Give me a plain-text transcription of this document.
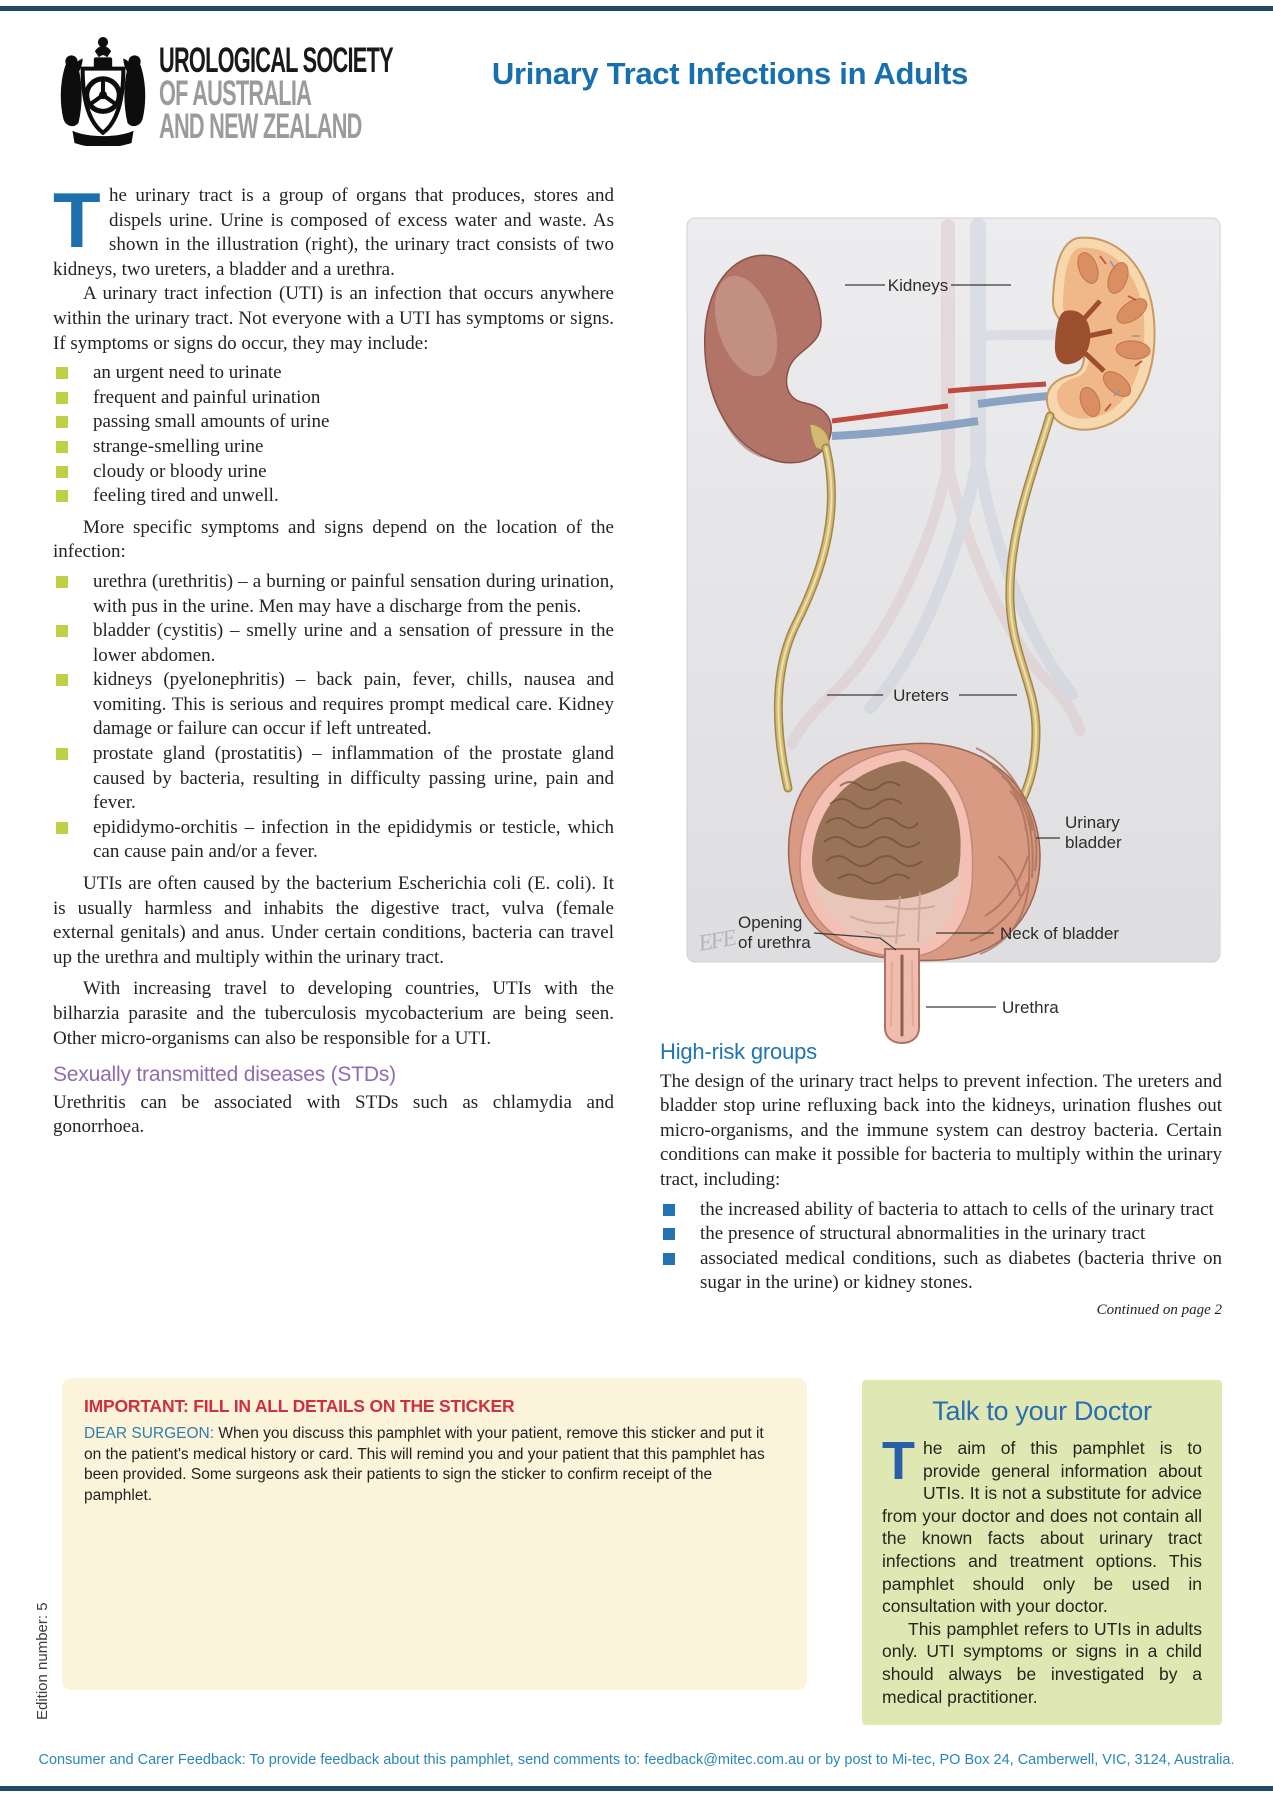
UROLOGICAL SOCIETY
OF AUSTRALIA
AND NEW ZEALAND
Urinary Tract Infections in Adults

The urinary tract is a group of organs that produces, stores and dispels urine. Urine is composed of excess water and waste. As shown in the illustration (right), the urinary tract consists of two kidneys, two ureters, a bladder and a urethra.

A urinary tract infection (UTI) is an infection that occurs anywhere within the urinary tract. Not everyone with a UTI has symptoms or signs. If symptoms or signs do occur, they may include:

an urgent need to urinate
frequent and painful urination
passing small amounts of urine
strange-smelling urine
cloudy or bloody urine
feeling tired and unwell.

More specific symptoms and signs depend on the location of the infection:

urethra (urethritis) – a burning or painful sensation during urination, with pus in the urine. Men may have a discharge from the penis.
bladder (cystitis) – smelly urine and a sensation of pressure in the lower abdomen.
kidneys (pyelonephritis) – back pain, fever, chills, nausea and vomiting. This is serious and requires prompt medical care. Kidney damage or failure can occur if left untreated.
prostate gland (prostatitis) – inflammation of the prostate gland caused by bacteria, resulting in difficulty passing urine, pain and fever.
epididymo-orchitis – infection in the epididymis or testicle, which can cause pain and/or a fever.

UTIs are often caused by the bacterium Escherichia coli (E. coli). It is usually harmless and inhabits the digestive tract, vulva (female external genitals) and anus. Under certain conditions, bacteria can travel up the urethra and multiply within the urinary tract.

With increasing travel to developing countries, UTIs with the bilharzia parasite and the tuberculosis mycobacterium are being seen. Other micro-organisms can also be responsible for a UTI.

Sexually transmitted diseases (STDs)

Urethritis can be associated with STDs such as chlamydia and gonorrhoea.

Kidneys
Ureters
Urinary
bladder
Opening
of urethra	Neck of bladder
Urethra
EFE
High-risk groups

The design of the urinary tract helps to prevent infection. The ureters and bladder stop urine refluxing back into the kidneys, urination flushes out micro-organisms, and the immune system can destroy bacteria. Certain conditions can make it possible for bacteria to multiply within the urinary tract, including:

the increased ability of bacteria to attach to cells of the urinary tract
the presence of structural abnormalities in the urinary tract
associated medical conditions, such as diabetes (bacteria thrive on sugar in the urine) or kidney stones.
Continued on page 2
IMPORTANT: FILL IN ALL DETAILS ON THE STICKER
DEAR SURGEON: When you discuss this pamphlet with your patient, remove this sticker and put it on the patient's medical history or card. This will remind you and your patient that this pamphlet has been provided. Some surgeons ask their patients to sign the sticker to confirm receipt of the pamphlet.
Talk to your Doctor

The aim of this pamphlet is to provide general information about UTIs. It is not a substitute for advice from your doctor and does not contain all the known facts about urinary tract infections and treatment options. This pamphlet should only be used in consultation with your doctor.

This pamphlet refers to UTIs in adults only. UTI symptoms or signs in a child should always be investigated by a medical practitioner.

Edition number: 5
Consumer and Carer Feedback: To provide feedback about this pamphlet, send comments to: feedback@mitec.com.au or by post to Mi-tec, PO Box 24, Camberwell, VIC, 3124, Australia.
